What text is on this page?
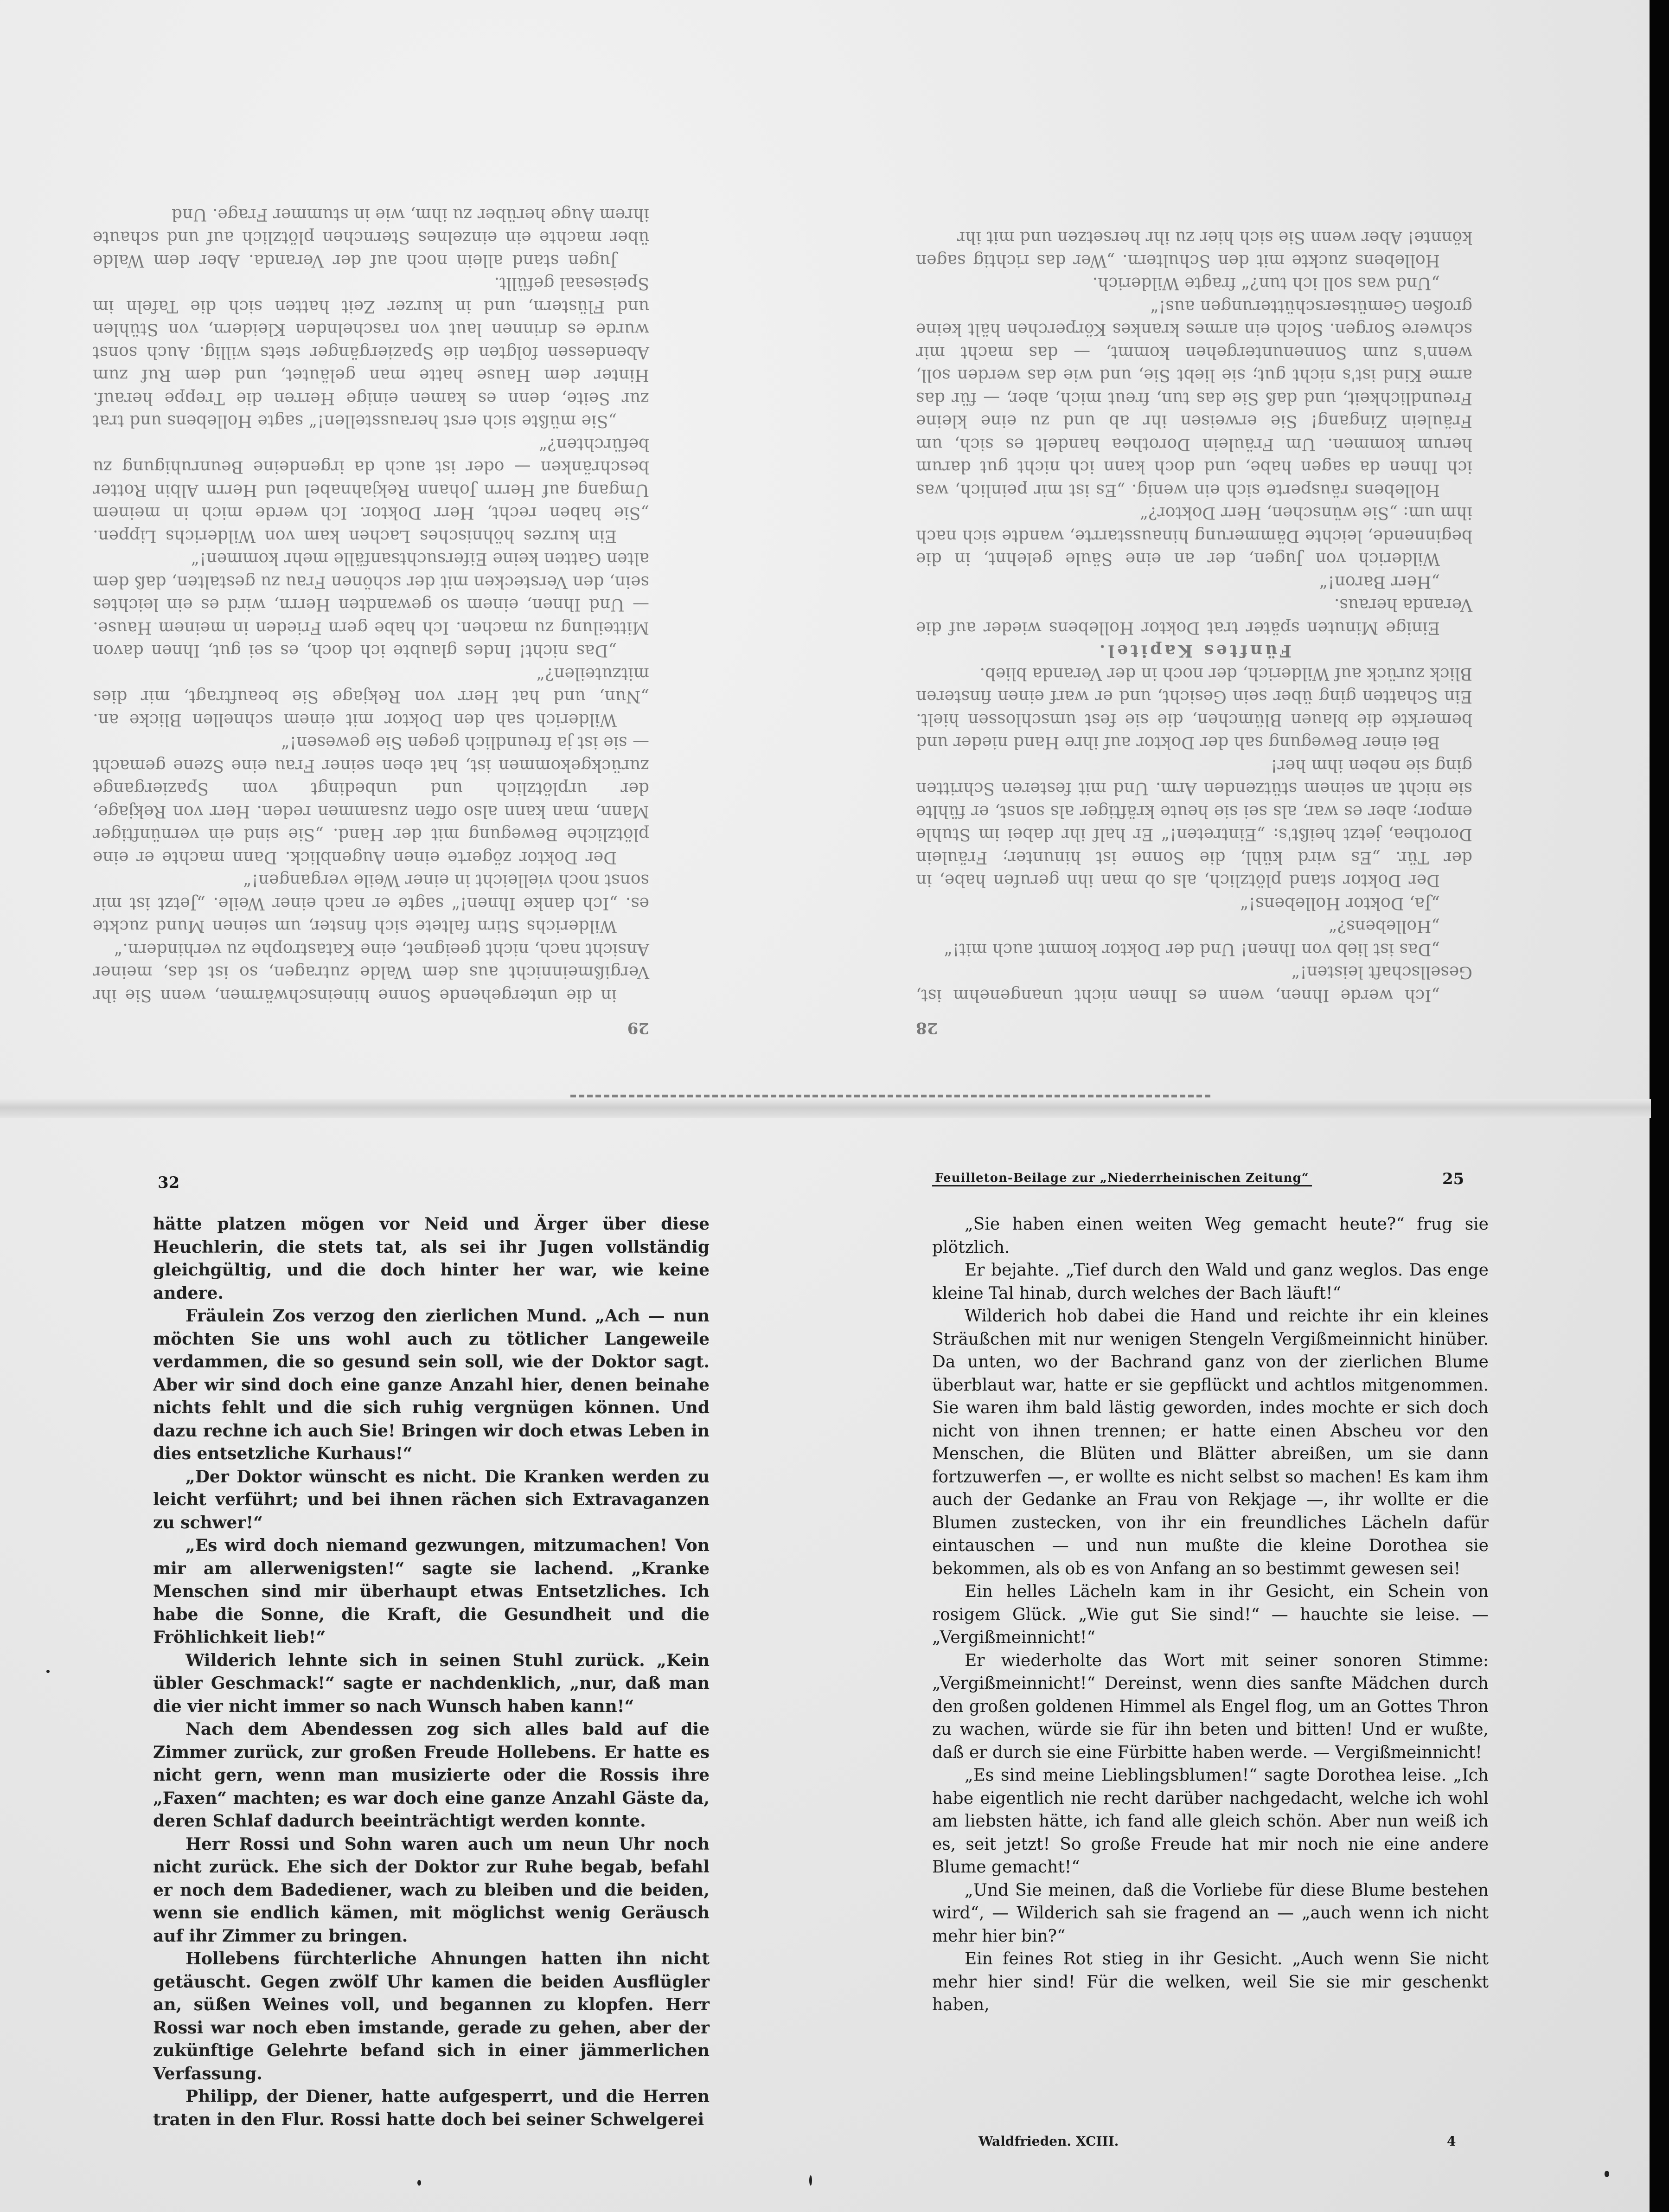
29

in die untergehende Sonne hineinschwärmen, wenn Sie ihr Vergißmeinnicht aus dem Walde zutragen, so ist das, meiner Ansicht nach, nicht geeignet, eine Katastrophe zu verhindern.“

Wilderichs Stirn faltete sich finster, um seinen Mund zuckte es. „Ich danke Ihnen!“ sagte er nach einer Weile. „Jetzt ist mir sonst noch vielleicht in einer Weile vergangen!“

Der Doktor zögerte einen Augenblick. Dann machte er eine plötzliche Bewegung mit der Hand. „Sie sind ein vernünftiger Mann, man kann also offen zusammen reden. Herr von Rekjage, der urplötzlich und unbedingt vom Spaziergange zurückgekommen ist, hat eben seiner Frau eine Szene gemacht — sie ist ja freundlich gegen Sie gewesen!“

Wilderich sah den Doktor mit einem schnellen Blicke an. „Nun, und hat Herr von Rekjage Sie beauftragt, mir dies mitzuteilen?“

„Das nicht! Indes glaubte ich doch, es sei gut, Ihnen davon Mitteilung zu machen. Ich habe gern Frieden in meinem Hause. — Und Ihnen, einem so gewandten Herrn, wird es ein leichtes sein, den Verstecken mit der schönen Frau zu gestalten, daß dem alten Gatten keine Eifersuchtsanfälle mehr kommen!“

Ein kurzes höhnisches Lachen kam von Wilderichs Lippen. „Sie haben recht, Herr Doktor. Ich werde mich in meinem Umgang auf Herrn Johann Rekjahnabel und Herrn Albin Rotter beschränken — oder ist auch da irgendeine Beunruhigung zu befürchten?“

„Sie müßte sich erst herausstellen!“ sagte Hollebens und trat zur Seite, denn es kamen einige Herren die Treppe herauf. Hinter dem Hause hatte man geläutet, und dem Ruf zum Abendessen folgten die Spaziergänger stets willig. Auch sonst wurde es drinnen laut von raschelnden Kleidern, von Stühlen und Flüstern, und in kurzer Zeit hatten sich die Tafeln im Speisesaal gefüllt.

Jugen stand allein noch auf der Veranda. Aber dem Walde über machte ein einzelnes Sternchen plötzlich auf und schaute ihrem Auge herüber zu ihm, wie in stummer Frage. Und

28

„Ich werde Ihnen, wenn es Ihnen nicht unangenehm ist, Gesellschaft leisten!“

„Das ist lieb von Ihnen! Und der Doktor kommt auch mit!“

„Hollebens?“

„Ja, Doktor Hollebens!“

Der Doktor stand plötzlich, als ob man ihn gerufen habe, in der Tür. „Es wird kühl, die Sonne ist hinunter; Fräulein Dorothea, jetzt heißt's: „Eintreten!“ Er half ihr dabei im Stuhle empor; aber es war, als sei sie heute kräftiger als sonst, er fühlte sie nicht an seinem stützenden Arm. Und mit festeren Schritten ging sie neben ihm her!

Bei einer Bewegung sah der Doktor auf ihre Hand nieder und bemerkte die blauen Blümchen, die sie fest umschlossen hielt. Ein Schatten ging über sein Gesicht, und er warf einen finsteren Blick zurück auf Wilderich, der noch in der Veranda blieb.

Fünftes Kapitel.

Einige Minuten später trat Doktor Hollebens wieder auf die Veranda heraus.

„Herr Baron!“

Wilderich von Jugen, der an eine Säule gelehnt, in die beginnende, leichte Dämmerung hinausstarrte, wandte sich nach ihm um: „Sie wünschen, Herr Doktor?“

Hollebens räusperte sich ein wenig. „Es ist mir peinlich, was ich Ihnen da sagen habe, und doch kann ich nicht gut darum herum kommen. Um Fräulein Dorothea handelt es sich, um Fräulein Zingang! Sie erweisen ihr ab und zu eine kleine Freundlichkeit, und daß Sie das tun, freut mich, aber, — für das arme Kind ist's nicht gut; sie liebt Sie, und wie das werden soll, wenn's zum Sonnenuntergehen kommt, — das macht mir schwere Sorgen. Solch ein armes krankes Körperchen hält keine großen Gemütserschütterungen aus!“

„Und was soll ich tun?“ fragte Wilderich.

Hollebens zuckte mit den Schultern. „Wer das richtig sagen könnte! Aber wenn Sie sich hier zu ihr hersetzen und mit ihr

32

hätte platzen mögen vor Neid und Ärger über diese Heuchlerin, die stets tat, als sei ihr Jugen vollständig gleichgültig, und die doch hinter her war, wie keine andere.

Fräulein Zos verzog den zierlichen Mund. „Ach — nun möchten Sie uns wohl auch zu tötlicher Langeweile verdammen, die so gesund sein soll, wie der Doktor sagt. Aber wir sind doch eine ganze Anzahl hier, denen beinahe nichts fehlt und die sich ruhig vergnügen können. Und dazu rechne ich auch Sie! Bringen wir doch etwas Leben in dies entsetzliche Kurhaus!“

„Der Doktor wünscht es nicht. Die Kranken werden zu leicht verführt; und bei ihnen rächen sich Extravaganzen zu schwer!“

„Es wird doch niemand gezwungen, mitzumachen! Von mir am allerwenigsten!“ sagte sie lachend. „Kranke Menschen sind mir überhaupt etwas Entsetzliches. Ich habe die Sonne, die Kraft, die Gesundheit und die Fröhlichkeit lieb!“

Wilderich lehnte sich in seinen Stuhl zurück. „Kein übler Geschmack!“ sagte er nachdenklich, „nur, daß man die vier nicht immer so nach Wunsch haben kann!“

Nach dem Abendessen zog sich alles bald auf die Zimmer zurück, zur großen Freude Hollebens. Er hatte es nicht gern, wenn man musizierte oder die Rossis ihre „Faxen“ machten; es war doch eine ganze Anzahl Gäste da, deren Schlaf dadurch beeinträchtigt werden konnte.

Herr Rossi und Sohn waren auch um neun Uhr noch nicht zurück. Ehe sich der Doktor zur Ruhe begab, befahl er noch dem Badediener, wach zu bleiben und die beiden, wenn sie endlich kämen, mit möglichst wenig Geräusch auf ihr Zimmer zu bringen.

Hollebens fürchterliche Ahnungen hatten ihn nicht getäuscht. Gegen zwölf Uhr kamen die beiden Ausflügler an, süßen Weines voll, und begannen zu klopfen. Herr Rossi war noch eben imstande, gerade zu gehen, aber der zukünftige Gelehrte befand sich in einer jämmerlichen Verfassung.

Philipp, der Diener, hatte aufgesperrt, und die Herren traten in den Flur. Rossi hatte doch bei seiner Schwelgerei

Feuilleton-Beilage zur „Niederrheinischen Zeitung“	25

„Sie haben einen weiten Weg gemacht heute?“ frug sie plötzlich.

Er bejahte. „Tief durch den Wald und ganz weglos. Das enge kleine Tal hinab, durch welches der Bach läuft!“

Wilderich hob dabei die Hand und reichte ihr ein kleines Sträußchen mit nur wenigen Stengeln Vergißmeinnicht hinüber. Da unten, wo der Bachrand ganz von der zierlichen Blume überblaut war, hatte er sie gepflückt und achtlos mitgenommen. Sie waren ihm bald lästig geworden, indes mochte er sich doch nicht von ihnen trennen; er hatte einen Abscheu vor den Menschen, die Blüten und Blätter abreißen, um sie dann fortzuwerfen —, er wollte es nicht selbst so machen! Es kam ihm auch der Gedanke an Frau von Rekjage —, ihr wollte er die Blumen zustecken, von ihr ein freundliches Lächeln dafür eintauschen — und nun mußte die kleine Dorothea sie bekommen, als ob es von Anfang an so bestimmt gewesen sei!

Ein helles Lächeln kam in ihr Gesicht, ein Schein von rosigem Glück. „Wie gut Sie sind!“ — hauchte sie leise. — „Vergißmeinnicht!“

Er wiederholte das Wort mit seiner sonoren Stimme: „Vergißmeinnicht!“ Dereinst, wenn dies sanfte Mädchen durch den großen goldenen Himmel als Engel flog, um an Gottes Thron zu wachen, würde sie für ihn beten und bitten! Und er wußte, daß er durch sie eine Fürbitte haben werde. — Vergißmeinnicht!

„Es sind meine Lieblingsblumen!“ sagte Dorothea leise. „Ich habe eigentlich nie recht darüber nachgedacht, welche ich wohl am liebsten hätte, ich fand alle gleich schön. Aber nun weiß ich es, seit jetzt! So große Freude hat mir noch nie eine andere Blume gemacht!“

„Und Sie meinen, daß die Vorliebe für diese Blume bestehen wird“, — Wilderich sah sie fragend an — „auch wenn ich nicht mehr hier bin?“

Ein feines Rot stieg in ihr Gesicht. „Auch wenn Sie nicht mehr hier sind! Für die welken, weil Sie sie mir geschenkt haben,

Waldfrieden. XCIII.	4
